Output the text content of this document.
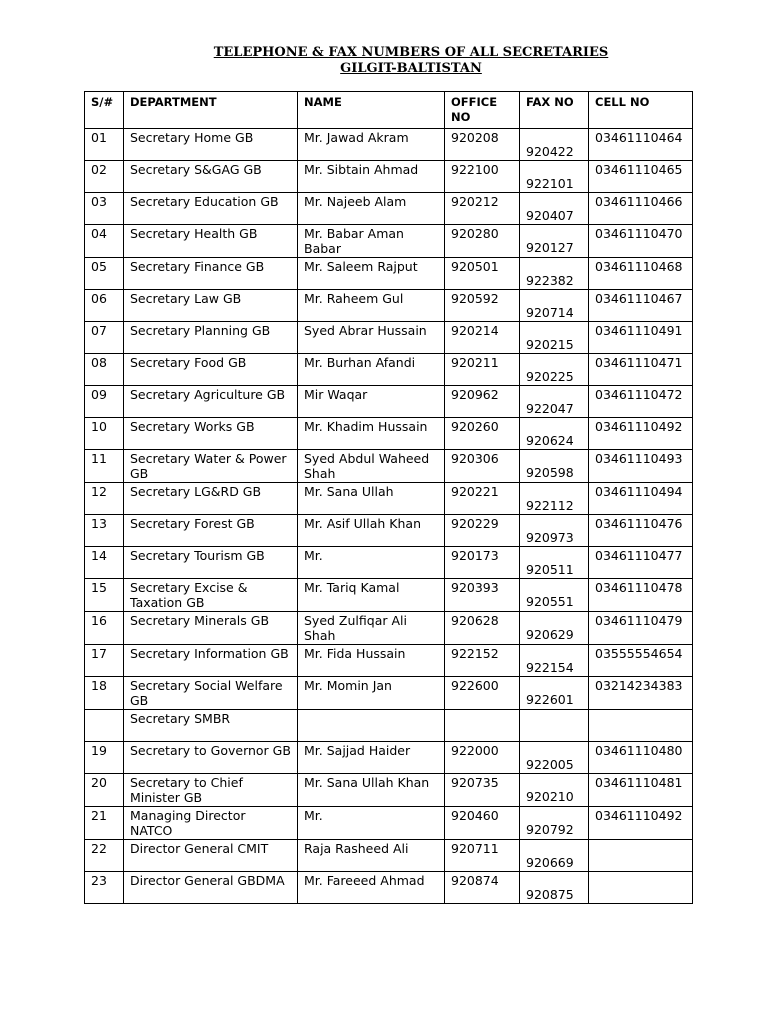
TELEPHONE & FAX NUMBERS OF ALL SECRETARIES
GILGIT-BALTISTAN
S/#	DEPARTMENT	NAME	OFFICE NO	FAX NO	CELL NO
01	Secretary Home GB	Mr. Jawad Akram	920208	920422	03461110464
02	Secretary S&GAG GB	Mr. Sibtain Ahmad	922100	922101	03461110465
03	Secretary Education GB	Mr. Najeeb Alam	920212	920407	03461110466
04	Secretary Health GB	Mr. Babar Aman Babar	920280	920127	03461110470
05	Secretary Finance GB	Mr. Saleem Rajput	920501	922382	03461110468
06	Secretary Law GB	Mr. Raheem Gul	920592	920714	03461110467
07	Secretary Planning GB	Syed Abrar Hussain	920214	920215	03461110491
08	Secretary Food GB	Mr. Burhan Afandi	920211	920225	03461110471
09	Secretary Agriculture GB	Mir Waqar	920962	922047	03461110472
10	Secretary Works GB	Mr. Khadim Hussain	920260	920624	03461110492
11	Secretary Water & Power GB	Syed Abdul Waheed Shah	920306	920598	03461110493
12	Secretary LG&RD GB	Mr. Sana Ullah	920221	922112	03461110494
13	Secretary Forest GB	Mr. Asif Ullah Khan	920229	920973	03461110476
14	Secretary Tourism GB	Mr.	920173	920511	03461110477
15	Secretary Excise & Taxation GB	Mr. Tariq Kamal	920393	920551	03461110478
16	Secretary Minerals GB	Syed Zulfiqar Ali Shah	920628	920629	03461110479
17	Secretary Information GB	Mr. Fida Hussain	922152	922154	03555554654
18	Secretary Social Welfare GB	Mr. Momin Jan	922600	922601	03214234383
	Secretary SMBR				
19	Secretary to Governor GB	Mr. Sajjad Haider	922000	922005	03461110480
20	Secretary to Chief Minister GB	Mr. Sana Ullah Khan	920735	920210	03461110481
21	Managing Director NATCO	Mr.	920460	920792	03461110492
22	Director General CMIT	Raja Rasheed Ali	920711	920669	
23	Director General GBDMA	Mr. Fareeed Ahmad	920874	920875	
